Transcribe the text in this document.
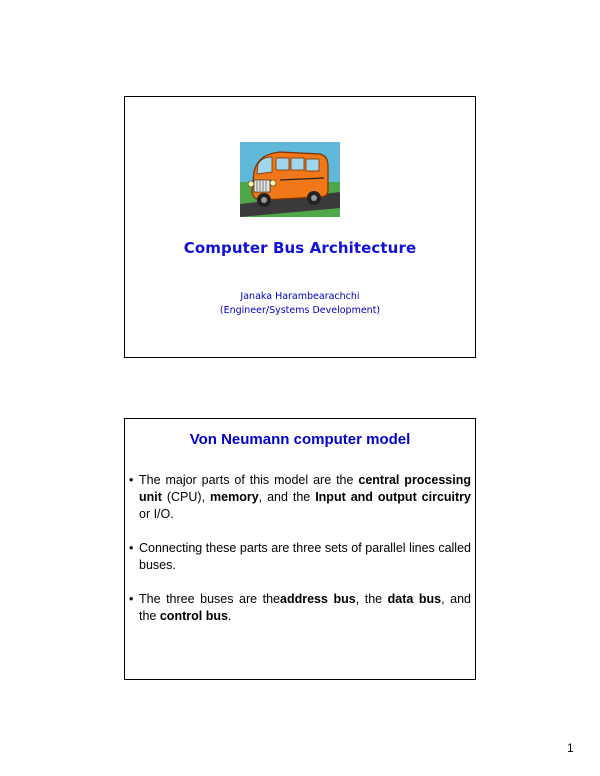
Computer Bus Architecture
Janaka Harambearachchi
(Engineer/Systems Development)
Von Neumann computer model
• The major parts of this model are the central processing unit (CPU), memory, and the Input and output circuitry or I/O.
• Connecting these parts are three sets of parallel lines called buses.
• The three buses are theaddress bus, the data bus, and the control bus.
1
